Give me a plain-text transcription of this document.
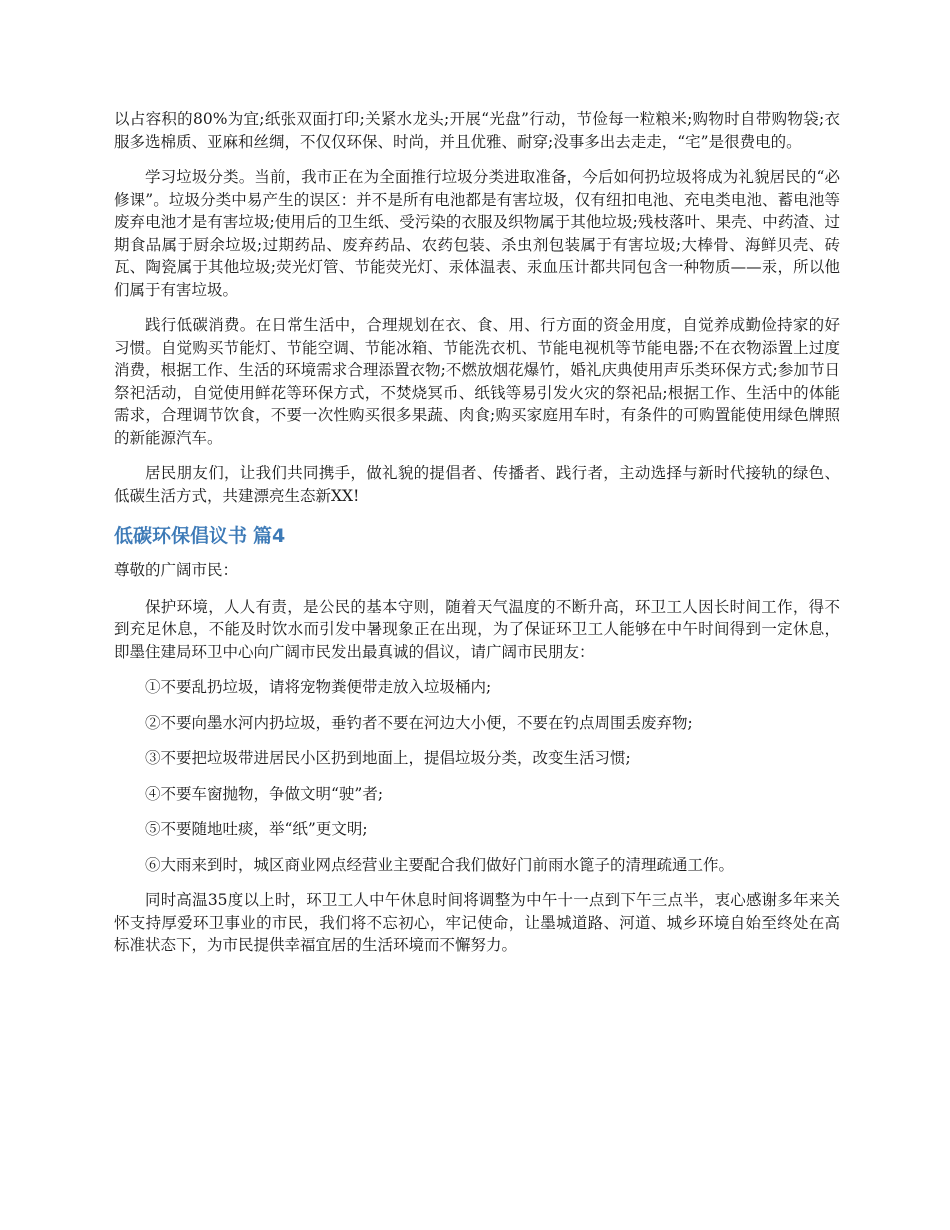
以占容积的80%为宜;纸张双面打印;关紧水龙头;开展“光盘”行动，节俭每一粒粮米;购物时自带购物袋;衣服多选棉质、亚麻和丝绸，不仅仅环保、时尚，并且优雅、耐穿;没事多出去走走，“宅”是很费电的。

学习垃圾分类。当前，我市正在为全面推行垃圾分类进取准备，今后如何扔垃圾将成为礼貌居民的“必修课”。垃圾分类中易产生的误区：并不是所有电池都是有害垃圾，仅有纽扣电池、充电类电池、蓄电池等废弃电池才是有害垃圾;使用后的卫生纸、受污染的衣服及织物属于其他垃圾;残枝落叶、果壳、中药渣、过期食品属于厨余垃圾;过期药品、废弃药品、农药包装、杀虫剂包装属于有害垃圾;大棒骨、海鲜贝壳、砖瓦、陶瓷属于其他垃圾;荧光灯管、节能荧光灯、汞体温表、汞血压计都共同包含一种物质——汞，所以他们属于有害垃圾。

践行低碳消费。在日常生活中，合理规划在衣、食、用、行方面的资金用度，自觉养成勤俭持家的好习惯。自觉购买节能灯、节能空调、节能冰箱、节能洗衣机、节能电视机等节能电器;不在衣物添置上过度消费，根据工作、生活的环境需求合理添置衣物;不燃放烟花爆竹，婚礼庆典使用声乐类环保方式;参加节日祭祀活动，自觉使用鲜花等环保方式，不焚烧冥币、纸钱等易引发火灾的祭祀品;根据工作、生活中的体能需求，合理调节饮食，不要一次性购买很多果蔬、肉食;购买家庭用车时，有条件的可购置能使用绿色牌照的新能源汽车。

居民朋友们，让我们共同携手，做礼貌的提倡者、传播者、践行者，主动选择与新时代接轨的绿色、低碳生活方式，共建漂亮生态新XX!

低碳环保倡议书 篇4

尊敬的广阔市民：

保护环境，人人有责，是公民的基本守则，随着天气温度的不断升高，环卫工人因长时间工作，得不到充足休息，不能及时饮水而引发中暑现象正在出现，为了保证环卫工人能够在中午时间得到一定休息，即墨住建局环卫中心向广阔市民发出最真诚的倡议，请广阔市民朋友：

①不要乱扔垃圾，请将宠物粪便带走放入垃圾桶内;

②不要向墨水河内扔垃圾，垂钓者不要在河边大小便，不要在钓点周围丢废弃物;

③不要把垃圾带进居民小区扔到地面上，提倡垃圾分类，改变生活习惯;

④不要车窗抛物，争做文明“驶”者;

⑤不要随地吐痰，举“纸”更文明;

⑥大雨来到时，城区商业网点经营业主要配合我们做好门前雨水篦子的清理疏通工作。

同时高温35度以上时，环卫工人中午休息时间将调整为中午十一点到下午三点半，衷心感谢多年来关怀支持厚爱环卫事业的市民，我们将不忘初心，牢记使命，让墨城道路、河道、城乡环境自始至终处在高标准状态下，为市民提供幸福宜居的生活环境而不懈努力。
